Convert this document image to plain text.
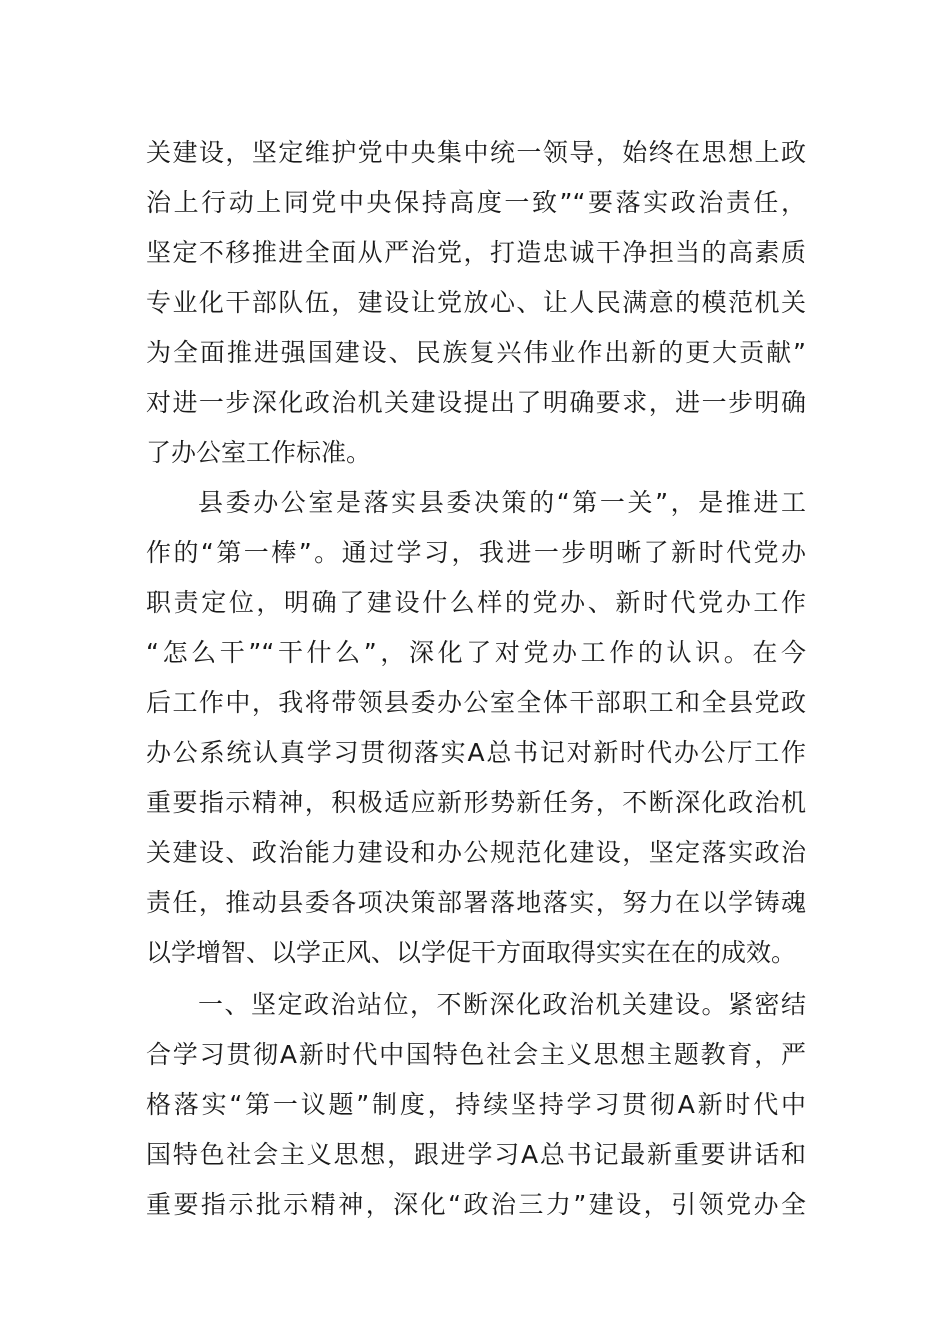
关建设，坚定维护党中央集中统一领导，始终在思想上政
治上行动上同党中央保持高度一致”“要落实政治责任，
坚定不移推进全面从严治党，打造忠诚干净担当的高素质
专业化干部队伍，建设让党放心、让人民满意的模范机关
为全面推进强国建设、民族复兴伟业作出新的更大贡献”
对进一步深化政治机关建设提出了明确要求，进一步明确
了办公室工作标准。
县委办公室是落实县委决策的“第一关”，是推进工
作的“第一棒”。通过学习，我进一步明晰了新时代党办
职责定位，明确了建设什么样的党办、新时代党办工作
“怎么干”“干什么”，深化了对党办工作的认识。在今
后工作中，我将带领县委办公室全体干部职工和全县党政
办公系统认真学习贯彻落实A总书记对新时代办公厅工作
重要指示精神，积极适应新形势新任务，不断深化政治机
关建设、政治能力建设和办公规范化建设，坚定落实政治
责任，推动县委各项决策部署落地落实，努力在以学铸魂
以学增智、以学正风、以学促干方面取得实实在在的成效。
一、坚定政治站位，不断深化政治机关建设。紧密结
合学习贯彻A新时代中国特色社会主义思想主题教育，严
格落实“第一议题”制度，持续坚持学习贯彻A新时代中
国特色社会主义思想，跟进学习A总书记最新重要讲话和
重要指示批示精神，深化“政治三力”建设，引领党办全
